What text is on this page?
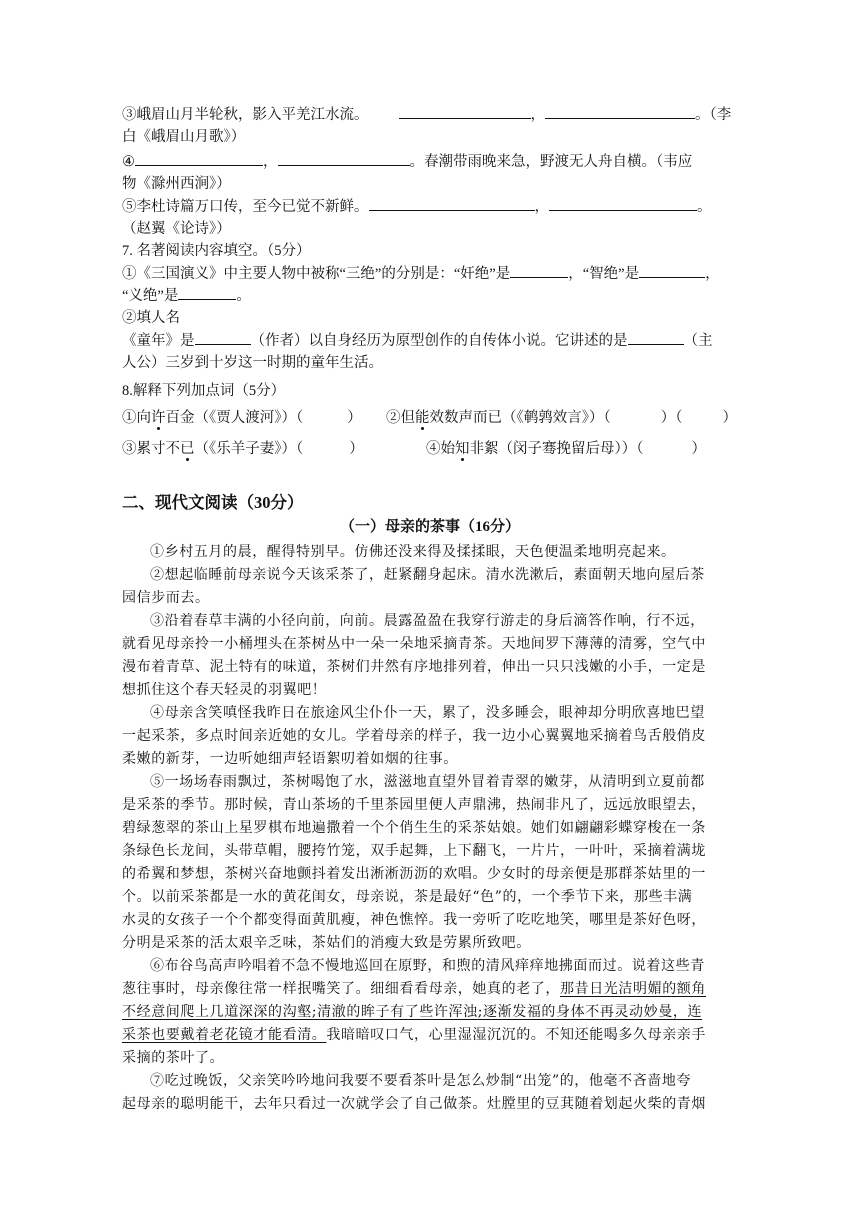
③峨眉山月半轮秋，影入平羌江水流。	，	。（李
白《峨眉山月歌》）
④	，	。春潮带雨晚来急，野渡无人舟自横。（韦应
物《滁州西涧》）
⑤李杜诗篇万口传，至今已觉不新鲜。	，	。
（赵翼《论诗》）
7. 名著阅读内容填空。（5分）
①《三国演义》中主要人物中被称“三绝”的分别是：“奸绝”是	，“智绝”是	，
“义绝”是	。
②填人名
《童年》是	（作者）以自身经历为原型创作的自传体小说。它讲述的是	（主
人公）三岁到十岁这一时期的童年生活。
8.解释下列加点词（5分）
①向许百金（《贾人渡河》）（	） ②但能效数声而已（《鹌鹑效言》）（	）（	）
③累寸不已（《乐羊子妻》）（	）	④始知非絮（闵子骞挽留后母））（	）
二、现代文阅读（30分）
（一）母亲的茶事（16分）
①乡村五月的晨，醒得特别早。仿佛还没来得及揉揉眼，天色便温柔地明亮起来。
②想起临睡前母亲说今天该采茶了，赶紧翻身起床。清水洗漱后，素面朝天地向屋后茶
园信步而去。
③沿着春草丰满的小径向前，向前。晨露盈盈在我穿行游走的身后滴答作响，行不远，
就看见母亲拎一小桶埋头在茶树丛中一朵一朵地采摘青茶。天地间罗下薄薄的清雾，空气中
漫布着青草、泥土特有的味道，茶树们井然有序地排列着，伸出一只只浅嫩的小手，一定是
想抓住这个春天轻灵的羽翼吧！
④母亲含笑嗔怪我昨日在旅途风尘仆仆一天，累了，没多睡会，眼神却分明欣喜地巴望
一起采茶，多点时间亲近她的女儿。学着母亲的样子，我一边小心翼翼地采摘着鸟舌般俏皮
柔嫩的新芽，一边听她细声轻语絮叨着如烟的往事。
⑤一场场春雨飘过，茶树喝饱了水，滋滋地直望外冒着青翠的嫩芽，从清明到立夏前都
是采茶的季节。那时候，青山茶场的千里茶园里便人声鼎沸，热闹非凡了，远远放眼望去，
碧绿葱翠的茶山上星罗棋布地遍撒着一个个俏生生的采茶姑娘。她们如翩翩彩蝶穿梭在一条
条绿色长龙间，头带草帽，腰挎竹笼，双手起舞，上下翻飞，一片片，一叶叶，采摘着满垅
的希翼和梦想，茶树兴奋地颤抖着发出淅淅沥沥的欢唱。少女时的母亲便是那群茶姑里的一
个。以前采茶都是一水的黄花闺女，母亲说，茶是最好“色”的，一个季节下来，那些丰满
水灵的女孩子一个个都变得面黄肌瘦，神色憔悴。我一旁听了吃吃地笑，哪里是茶好色呀，
分明是采茶的活太艰辛乏味，茶姑们的消瘦大致是劳累所致吧。
⑥布谷鸟高声吟唱着不急不慢地巡回在原野，和煦的清风痒痒地拂面而过。说着这些青
葱往事时，母亲像往常一样抿嘴笑了。细细看看母亲，她真的老了，那昔日光洁明媚的额角
不经意间爬上几道深深的沟壑;清澈的眸子有了些许浑浊;逐渐发福的身体不再灵动妙曼，连
采茶也要戴着老花镜才能看清。我暗暗叹口气，心里湿湿沉沉的。不知还能喝多久母亲亲手
采摘的茶叶了。
⑦吃过晚饭，父亲笑吟吟地问我要不要看茶叶是怎么炒制“出笼”的，他毫不吝啬地夸
起母亲的聪明能干，去年只看过一次就学会了自己做茶。灶膛里的豆萁随着划起火柴的青烟
